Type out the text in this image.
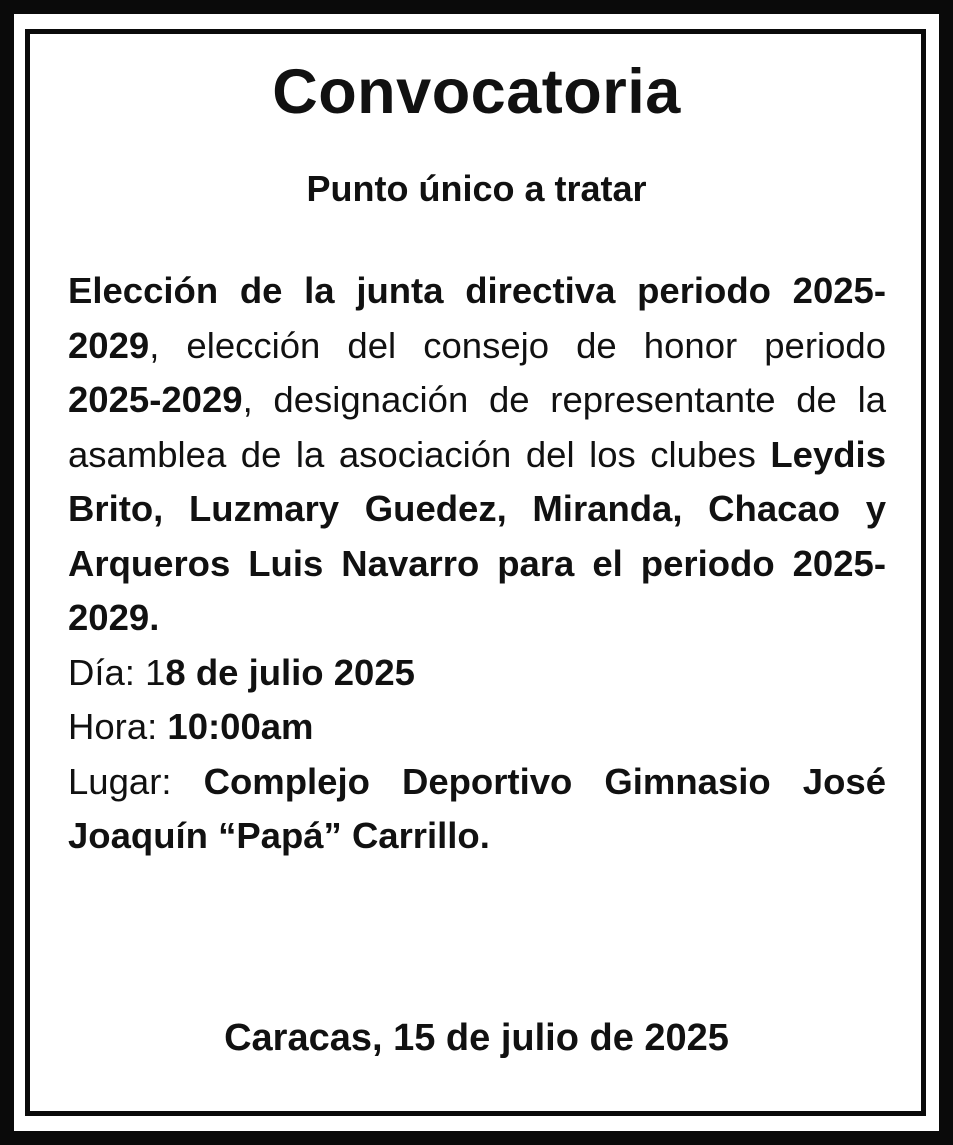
Convocatoria
Punto único a tratar

Elección de la junta directiva periodo 2025-2029, elección del consejo de honor periodo 2025-2029, designación de representante de la asamblea de la asociación del los clubes Leydis Brito, Luzmary Guedez, Miranda, Chacao y Arqueros Luis Navarro para el periodo 2025-2029.

Día: 18 de julio 2025

Hora: 10:00am

Lugar: Complejo Deportivo Gimnasio José Joaquín “Papá” Carrillo.

Caracas, 15 de julio de 2025
